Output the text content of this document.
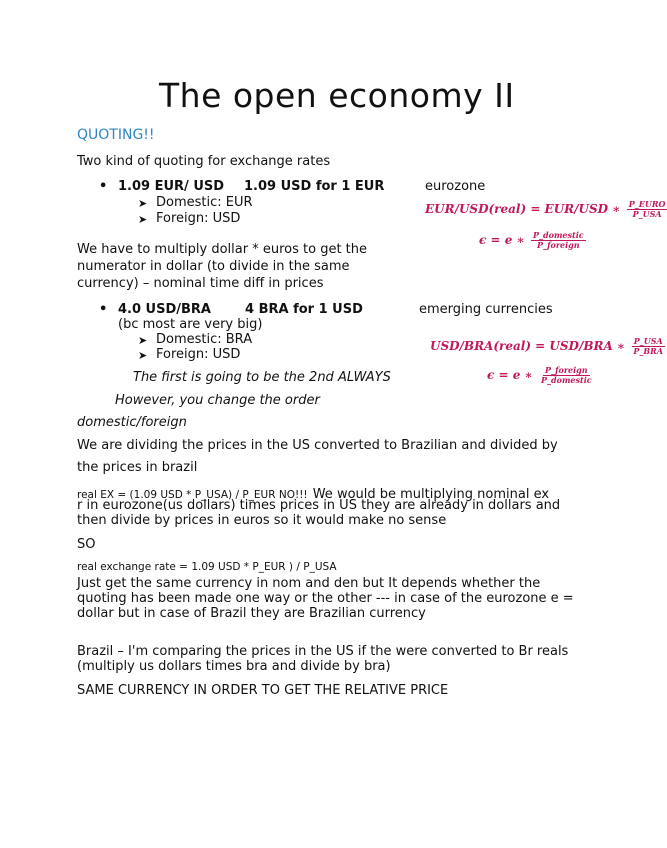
The open economy II
QUOTING!!
Two kind of quoting for exchange rates
• 1.09 EUR/ USD 1.09 USD for 1 EUR	eurozone
➤ Domestic: EUR
➤ Foreign: USD
EUR/USD(real) = EUR/USD ∗ $\frac{\text{P\_EURO}}{\text{P\_USA}}$
ϵ = e ∗ $\frac{\text{P\_domestic}}{\text{P\_foreign}}$
We have to multiply dollar * euros to get the
numerator in dollar (to divide in the same
currency) – nominal time diff in prices
• 4.0 USD/BRA	4 BRA for 1 USD	emerging currencies
(bc most are very big)
➤ Domestic: BRA
➤ Foreign: USD
USD/BRA(real) = USD/BRA ∗ $\frac{\text{P\_USA}}{\text{P\_BRA}}$
ϵ = e ∗ $\frac{\text{P\_foreign}}{\text{P\_domestic}}$
The first is going to be the 2nd ALWAYS
However, you change the order
domestic/foreign
We are dividing the prices in the US converted to Brazilian and divided by
the prices in brazil
real EX = (1.09 USD * P_USA) / P_EUR NO!!! We would be multiplying nominal ex
r in eurozone(us dollars) times prices in US they are already in dollars and
then divide by prices in euros so it would make no sense
SO
real exchange rate = 1.09 USD * P_EUR ) / P_USA
Just get the same currency in nom and den but It depends whether the
quoting has been made one way or the other --- in case of the eurozone e =
dollar but in case of Brazil they are Brazilian currency
Brazil – I'm comparing the prices in the US if the were converted to Br reals
(multiply us dollars times bra and divide by bra)
SAME CURRENCY IN ORDER TO GET THE RELATIVE PRICE
